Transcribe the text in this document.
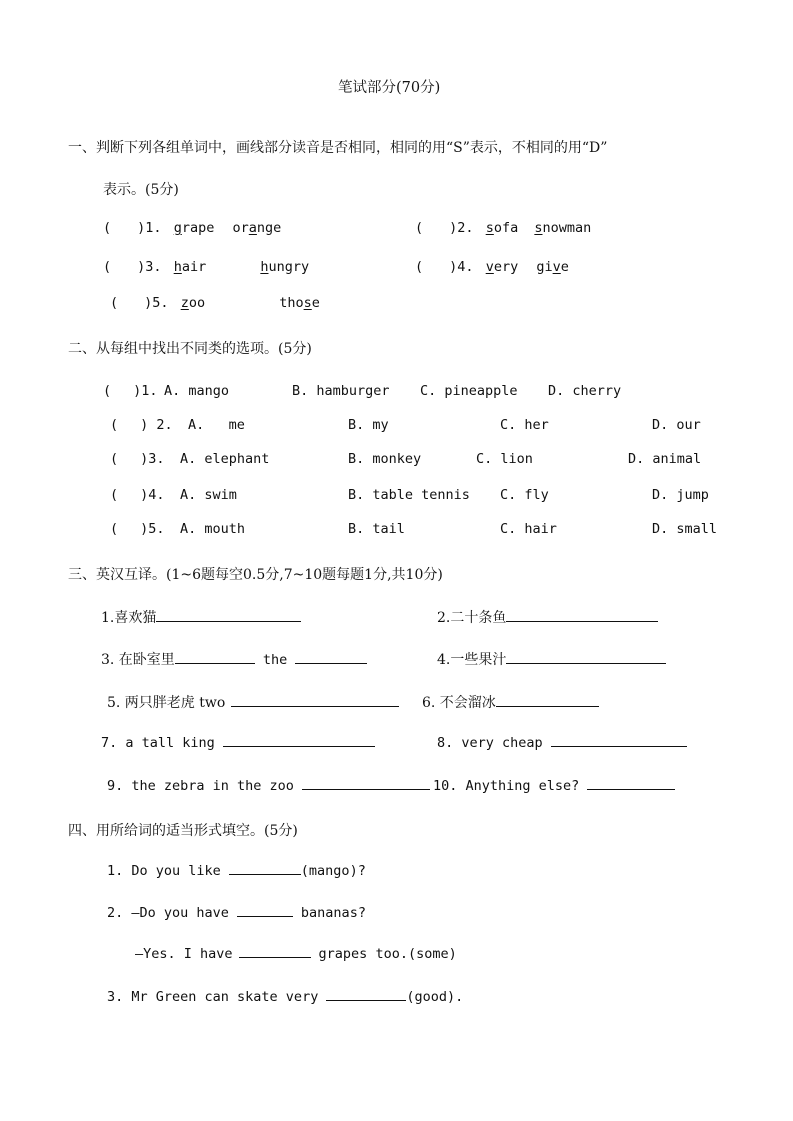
笔试部分(70分)
一、判断下列各组单词中，画线部分读音是否相同，相同的用“S”表示，不相同的用“D”
表示。(5分)
( )1. grape orange	( )2. sofa snowman
( )3. hair	hungry	( )4. very give
( )5. zoo	those
二、从每组中找出不同类的选项。(5分)
( )1. A. mango	B. hamburger C. pineapple D. cherry
( ) 2. A.   me	B. my	C. her	D. our
( )3. A. elephant	B. monkey	C. lion	D. animal
( )4. A. swim	B. table tennis C. fly	D. jump
( )5. A. mouth	B. tail	C. hair	D. small
三、英汉互译。(1~6题每空0.5分,7~10题每题1分,共10分)
1.喜欢猫	2.二十条鱼
3. 在卧室里	the	4.一些果汁
5. 两只胖老虎 two	6. 不会溜冰
7. a tall king	8. very cheap
9. the zebra in the zoo	10. Anything else?
四、用所给词的适当形式填空。(5分)
1. Do you like	(mango)?
2. —Do you have	bananas?
—Yes. I have	grapes too.(some)
3. Mr Green can skate very	(good).
